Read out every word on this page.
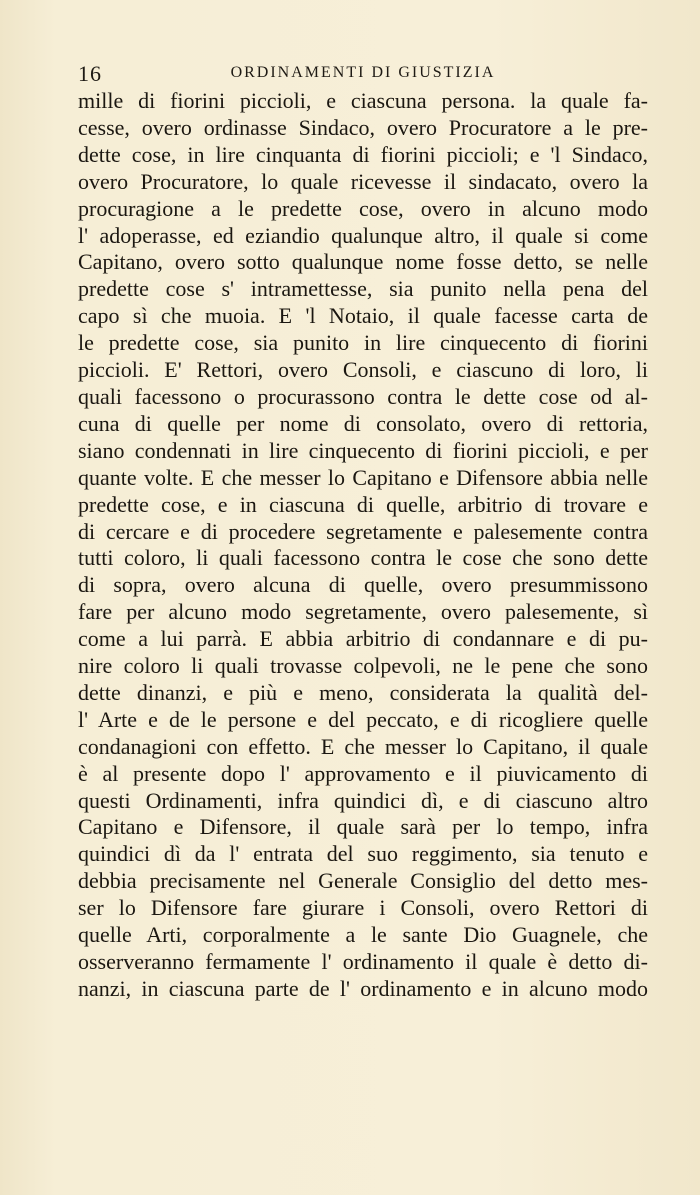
16	ORDINAMENTI DI GIUSTIZIA
mille di fiorini piccioli, e ciascuna persona. la quale fa-
cesse, overo ordinasse Sindaco, overo Procuratore a le pre-
dette cose, in lire cinquanta di fiorini piccioli; e 'l Sindaco,
overo Procuratore, lo quale ricevesse il sindacato, overo la
procuragione a le predette cose, overo in alcuno modo
l' adoperasse, ed eziandio qualunque altro, il quale si come
Capitano, overo sotto qualunque nome fosse detto, se nelle
predette cose s' intramettesse, sia punito nella pena del
capo sì che muoia. E 'l Notaio, il quale facesse carta de
le predette cose, sia punito in lire cinquecento di fiorini
piccioli. E' Rettori, overo Consoli, e ciascuno di loro, li
quali facessono o procurassono contra le dette cose od al-
cuna di quelle per nome di consolato, overo di rettoria,
siano condennati in lire cinquecento di fiorini piccioli, e per
quante volte. E che messer lo Capitano e Difensore abbia nelle
predette cose, e in ciascuna di quelle, arbitrio di trovare e
di cercare e di procedere segretamente e palesemente contra
tutti coloro, li quali facessono contra le cose che sono dette
di sopra, overo alcuna di quelle, overo presummissono
fare per alcuno modo segretamente, overo palesemente, sì
come a lui parrà. E abbia arbitrio di condannare e di pu-
nire coloro li quali trovasse colpevoli, ne le pene che sono
dette dinanzi, e più e meno, considerata la qualità del-
l' Arte e de le persone e del peccato, e di ricogliere quelle
condanagioni con effetto. E che messer lo Capitano, il quale
è al presente dopo l' approvamento e il piuvicamento di
questi Ordinamenti, infra quindici dì, e di ciascuno altro
Capitano e Difensore, il quale sarà per lo tempo, infra
quindici dì da l' entrata del suo reggimento, sia tenuto e
debbia precisamente nel Generale Consiglio del detto mes-
ser lo Difensore fare giurare i Consoli, overo Rettori di
quelle Arti, corporalmente a le sante Dio Guagnele, che
osserveranno fermamente l' ordinamento il quale è detto di-
nanzi, in ciascuna parte de l' ordinamento e in alcuno modo
